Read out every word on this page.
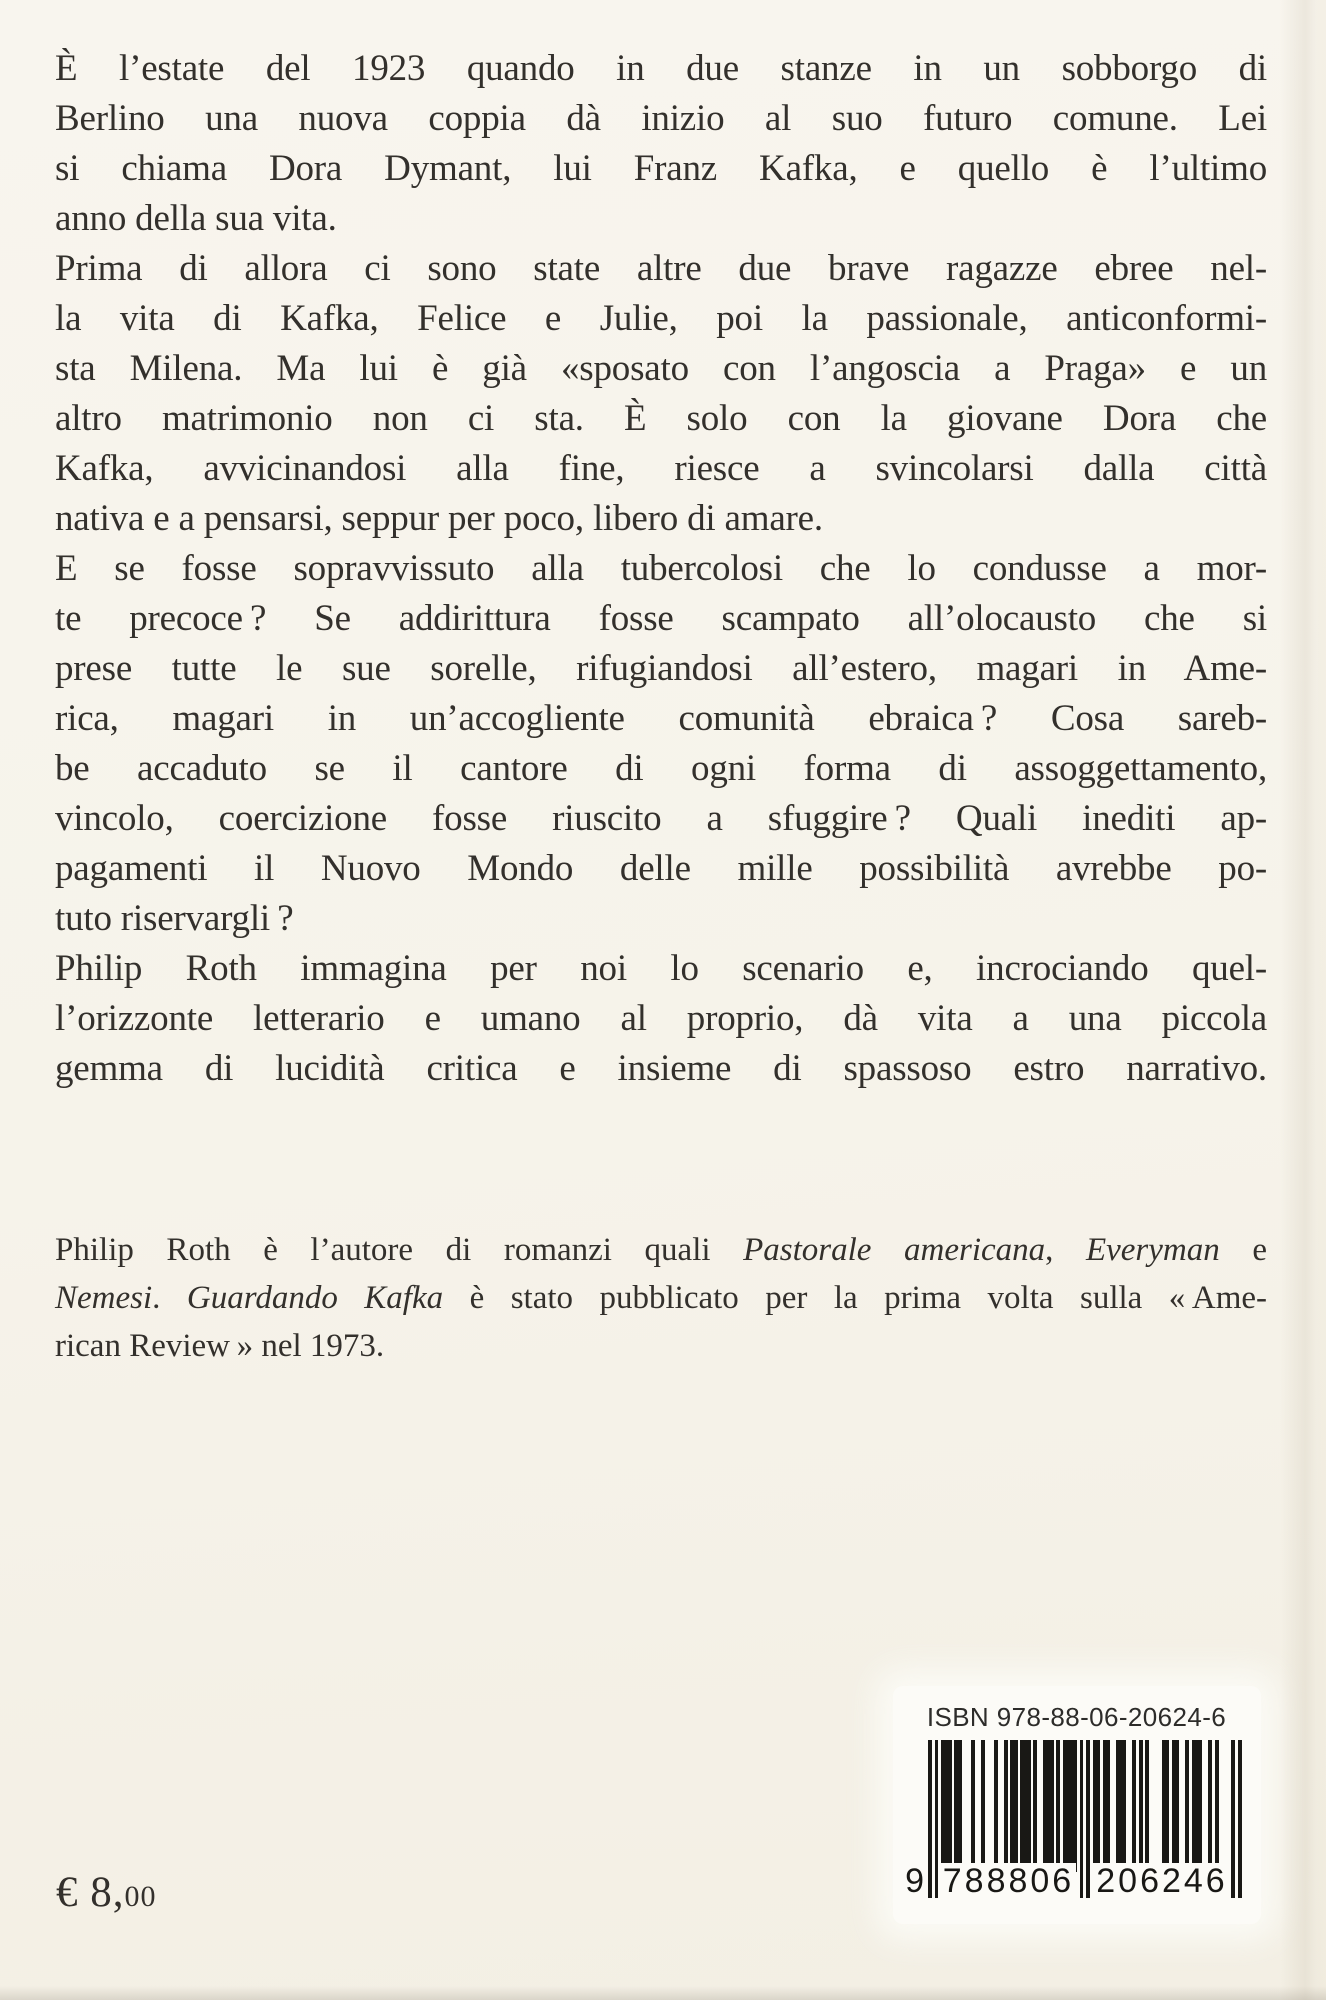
È l’estate del 1923 quando in due stanze in un sobborgo di
Berlino una nuova coppia dà inizio al suo futuro comune. Lei
si chiama Dora Dymant, lui Franz Kafka, e quello è l’ultimo
anno della sua vita.
Prima di allora ci sono state altre due brave ragazze ebree nel-
la vita di Kafka, Felice e Julie, poi la passionale, anticonformi-
sta Milena. Ma lui è già «sposato con l’angoscia a Praga» e un
altro matrimonio non ci sta. È solo con la giovane Dora che
Kafka, avvicinandosi alla fine, riesce a svincolarsi dalla città
nativa e a pensarsi, seppur per poco, libero di amare.
E se fosse sopravvissuto alla tubercolosi che lo condusse a mor-
te precoce ? Se addirittura fosse scampato all’olocausto che si
prese tutte le sue sorelle, rifugiandosi all’estero, magari in Ame-
rica, magari in un’accogliente comunità ebraica ? Cosa sareb-
be accaduto se il cantore di ogni forma di assoggettamento,
vincolo, coercizione fosse riuscito a sfuggire ? Quali inediti ap-
pagamenti il Nuovo Mondo delle mille possibilità avrebbe po-
tuto riservargli ?
Philip Roth immagina per noi lo scenario e, incrociando quel-
l’orizzonte letterario e umano al proprio, dà vita a una piccola
gemma di lucidità critica e insieme di spassoso estro narrativo.
Philip Roth è l’autore di romanzi quali Pastorale americana, Everyman e
Nemesi. Guardando Kafka è stato pubblicato per la prima volta sulla « Ame-
rican Review » nel 1973.
ISBN 978-88-06-20624-6
9 788806 206246
€ 8,00
